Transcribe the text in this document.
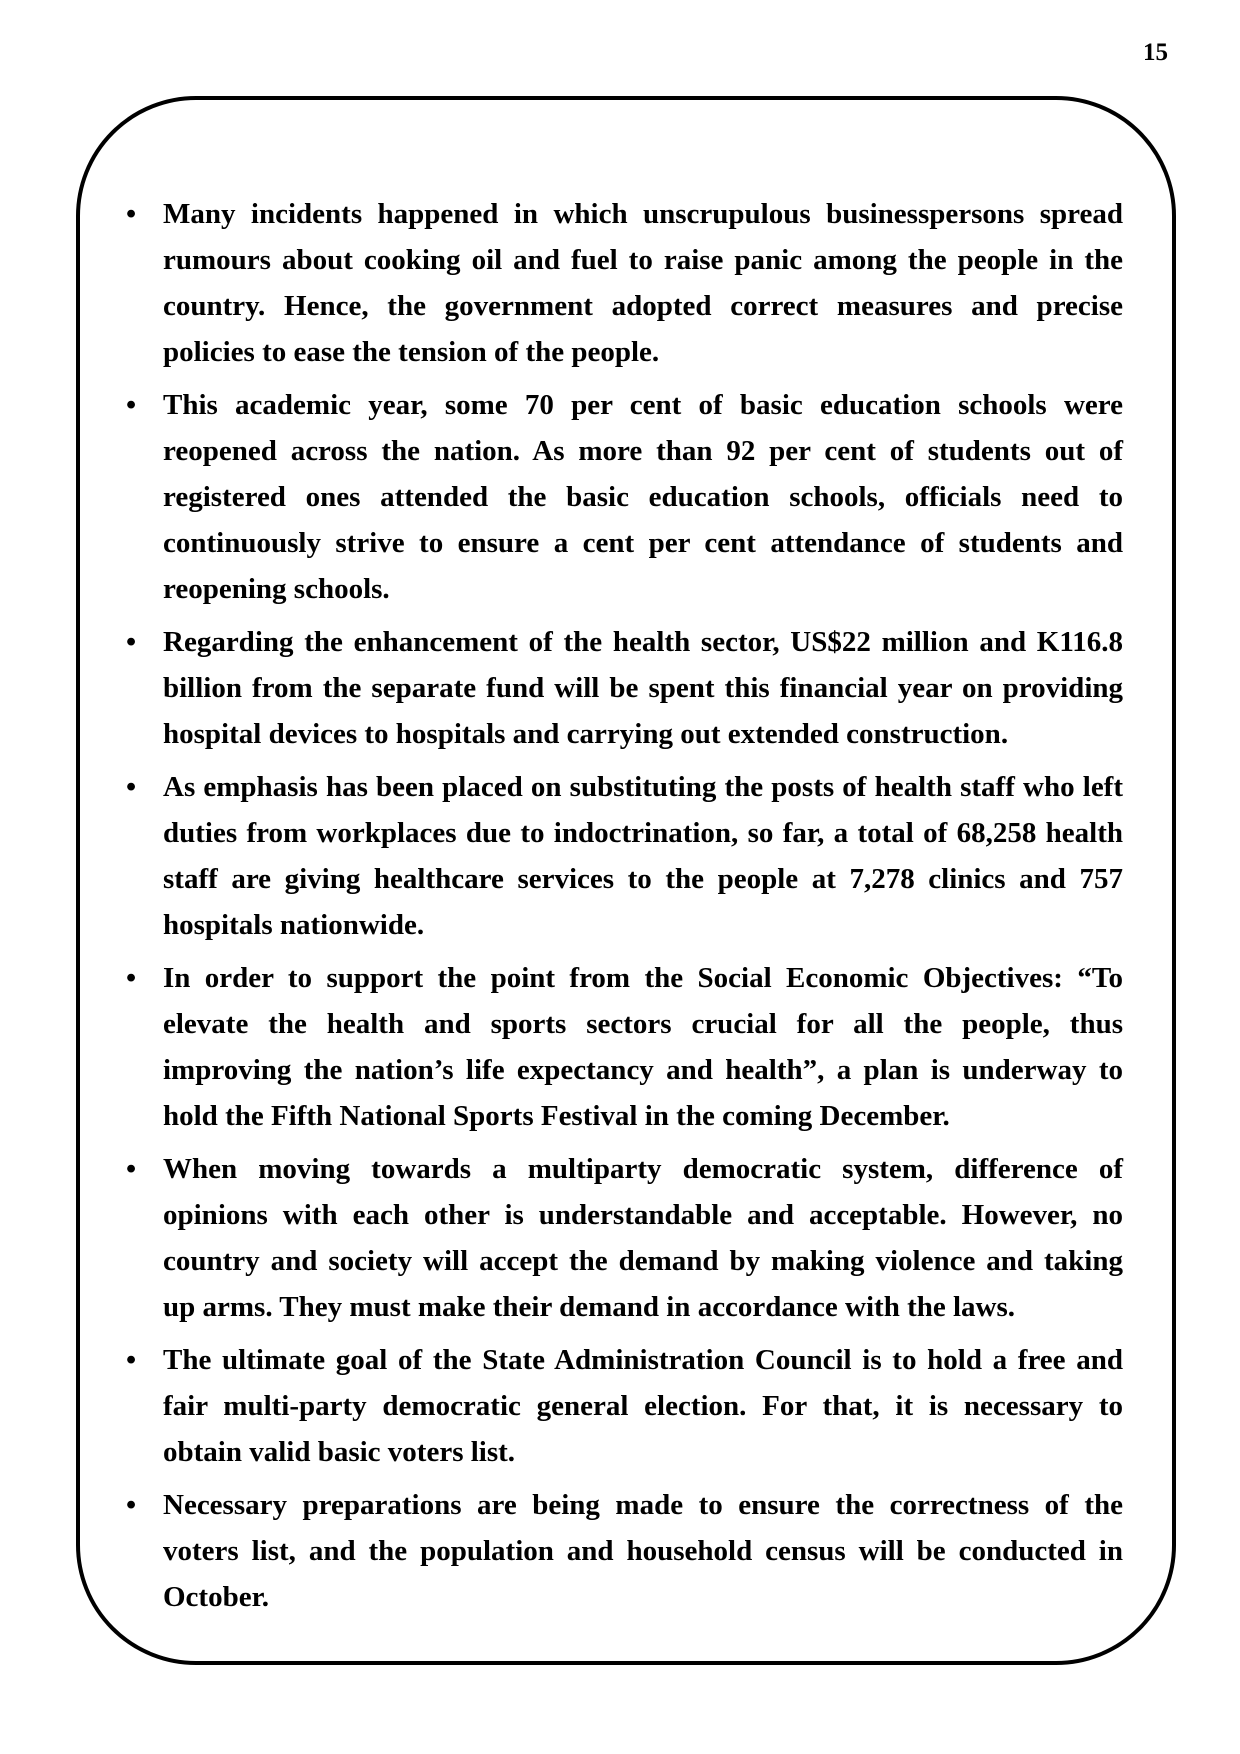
15
• Many incidents happened in which unscrupulous businesspersons spread
rumours about cooking oil and fuel to raise panic among the people in the
country. Hence, the government adopted correct measures and precise
policies to ease the tension of the people.
• This academic year, some 70 per cent of basic education schools were
reopened across the nation. As more than 92 per cent of students out of
registered ones attended the basic education schools, officials need to
continuously strive to ensure a cent per cent attendance of students and
reopening schools.
• Regarding the enhancement of the health sector, US$22 million and K116.8
billion from the separate fund will be spent this financial year on providing
hospital devices to hospitals and carrying out extended construction.
• As emphasis has been placed on substituting the posts of health staff who left
duties from workplaces due to indoctrination, so far, a total of 68,258 health
staff are giving healthcare services to the people at 7,278 clinics and 757
hospitals nationwide.
• In order to support the point from the Social Economic Objectives: “To
elevate the health and sports sectors crucial for all the people, thus
improving the nation’s life expectancy and health”, a plan is underway to
hold the Fifth National Sports Festival in the coming December.
• When moving towards a multiparty democratic system, difference of
opinions with each other is understandable and acceptable. However, no
country and society will accept the demand by making violence and taking
up arms. They must make their demand in accordance with the laws.
• The ultimate goal of the State Administration Council is to hold a free and
fair multi-party democratic general election. For that, it is necessary to
obtain valid basic voters list.
• Necessary preparations are being made to ensure the correctness of the
voters list, and the population and household census will be conducted in
October.
